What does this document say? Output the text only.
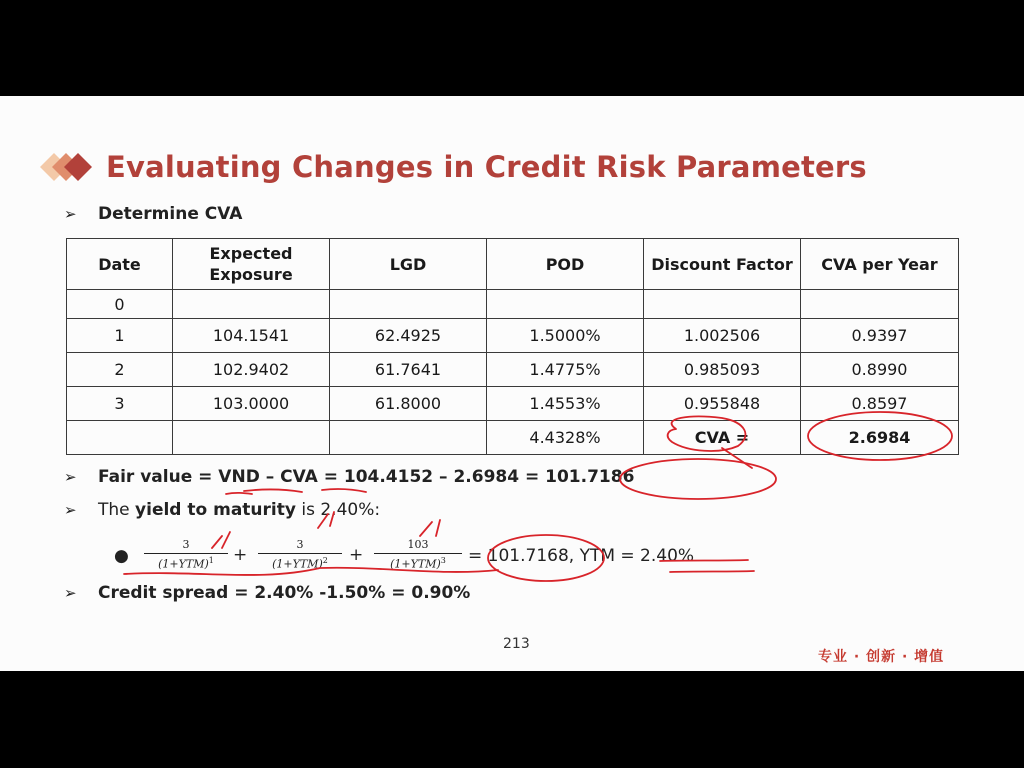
Evaluating Changes in Credit Risk Parameters
➢ Determine CVA
Date	Expected Exposure	LGD	POD	Discount Factor	CVA per Year
0					
1	104.1541	62.4925	1.5000%	1.002506	0.9397
2	102.9402	61.7641	1.4775%	0.985093	0.8990
3	103.0000	61.8000	1.4553%	0.955848	0.8597
			4.4328%	CVA =	2.6984
➢ Fair value = VND – CVA = 104.4152 – 2.6984 = 101.7186
➢ The yield to maturity is 2.40%:
●
3
$(1+YTM)^1$	+
3
$(1+YTM)^2$	+
103
$(1+YTM)^3$	= 101.7168, YTM = 2.40%
➢ Credit spread = 2.40% -1.50% = 0.90%
213
专业 · 创新 · 增值
